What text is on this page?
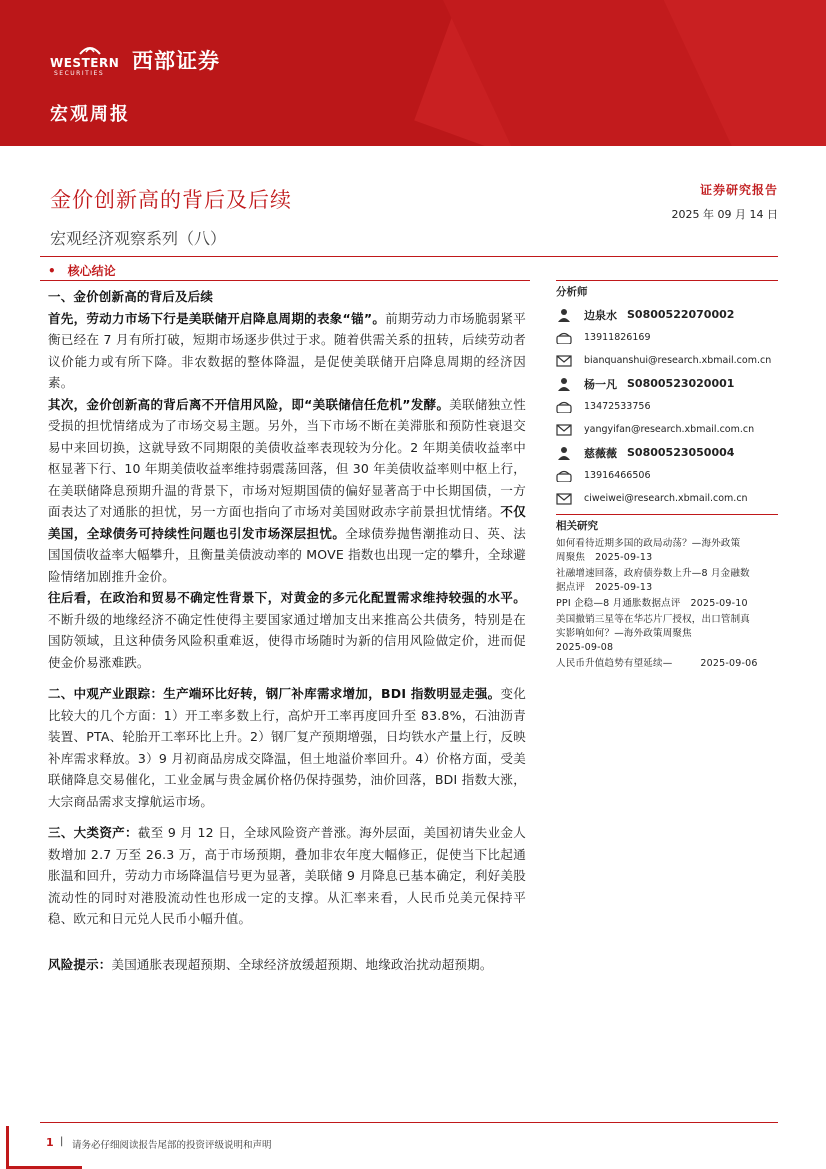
WESTERN
SECURITIES
西部证券
宏观周报
金价创新高的背后及后续
宏观经济观察系列（八）
证券研究报告
2025 年 09 月 14 日
• 核心结论

一、金价创新高的背后及后续

首先，劳动力市场下行是美联储开启降息周期的表象“锚”。前期劳动力市场脆弱紧平衡已经在 7 月有所打破，短期市场逐步供过于求。随着供需关系的扭转，后续劳动者议价能力或有所下降。非农数据的整体降温，是促使美联储开启降息周期的经济因素。

其次，金价创新高的背后离不开信用风险，即“美联储信任危机”发酵。美联储独立性受损的担忧情绪成为了市场交易主题。另外，当下市场不断在美滞胀和预防性衰退交易中来回切换，这就导致不同期限的美债收益率表现较为分化。2 年期美债收益率中枢显著下行、10 年期美债收益率维持弱震荡回落，但 30 年美债收益率则中枢上行，在美联储降息预期升温的背景下，市场对短期国债的偏好显著高于中长期国债，一方面表达了对通胀的担忧，另一方面也指向了市场对美国财政赤字前景担忧情绪。不仅美国，全球债务可持续性问题也引发市场深层担忧。全球债券抛售潮推动日、英、法国国债收益率大幅攀升，且衡量美债波动率的 MOVE 指数也出现一定的攀升，全球避险情绪加剧推升金价。

往后看，在政治和贸易不确定性背景下，对黄金的多元化配置需求维持较强的水平。不断升级的地缘经济不确定性使得主要国家通过增加支出来推高公共债务，特别是在国防领域，且这种债务风险积重难返，使得市场随时为新的信用风险做定价，进而促使金价易涨难跌。

二、中观产业跟踪：生产端环比好转，钢厂补库需求增加，BDI 指数明显走强。变化比较大的几个方面：1）开工率多数上行，高炉开工率再度回升至 83.8%，石油沥青装置、PTA、轮胎开工率环比上升。2）钢厂复产预期增强，日均铁水产量上行，反映补库需求释放。3）9 月初商品房成交降温，但土地溢价率回升。4）价格方面，受美联储降息交易催化，工业金属与贵金属价格仍保持强势，油价回落，BDI 指数大涨，大宗商品需求支撑航运市场。

三、大类资产：截至 9 月 12 日，全球风险资产普涨。海外层面，美国初请失业金人数增加 2.7 万至 26.3 万，高于市场预期，叠加非农年度大幅修正，促使当下比起通胀温和回升，劳动力市场降温信号更为显著，美联储 9 月降息已基本确定，利好美股流动性的同时对港股流动性也形成一定的支撑。从汇率来看，人民币兑美元保持平稳、欧元和日元兑人民币小幅升值。

风险提示：美国通胀表现超预期、全球经济放缓超预期、地缘政治扰动超预期。

分析师
边泉水 S0800522070002
13911826169
bianquanshui@research.xbmail.com.cn
杨一凡 S0800523020001
13472533756
yangyifan@research.xbmail.com.cn
慈薇薇 S0800523050004
13916466506
ciweiwei@research.xbmail.com.cn
相关研究
如何看待近期多国的政局动荡？—海外政策
周聚焦 2025-09-13
社融增速回落，政府债券数上升—8 月金融数
据点评 2025-09-13
PPI 企稳—8 月通胀数据点评 2025-09-10
美国撤销三星等在华芯片厂授权，出口管制真
实影响如何？—海外政策周聚焦
2025-09-08
人民币升值趋势有望延续—	2025-09-06
1 | 请务必仔细阅读报告尾部的投资评级说明和声明
